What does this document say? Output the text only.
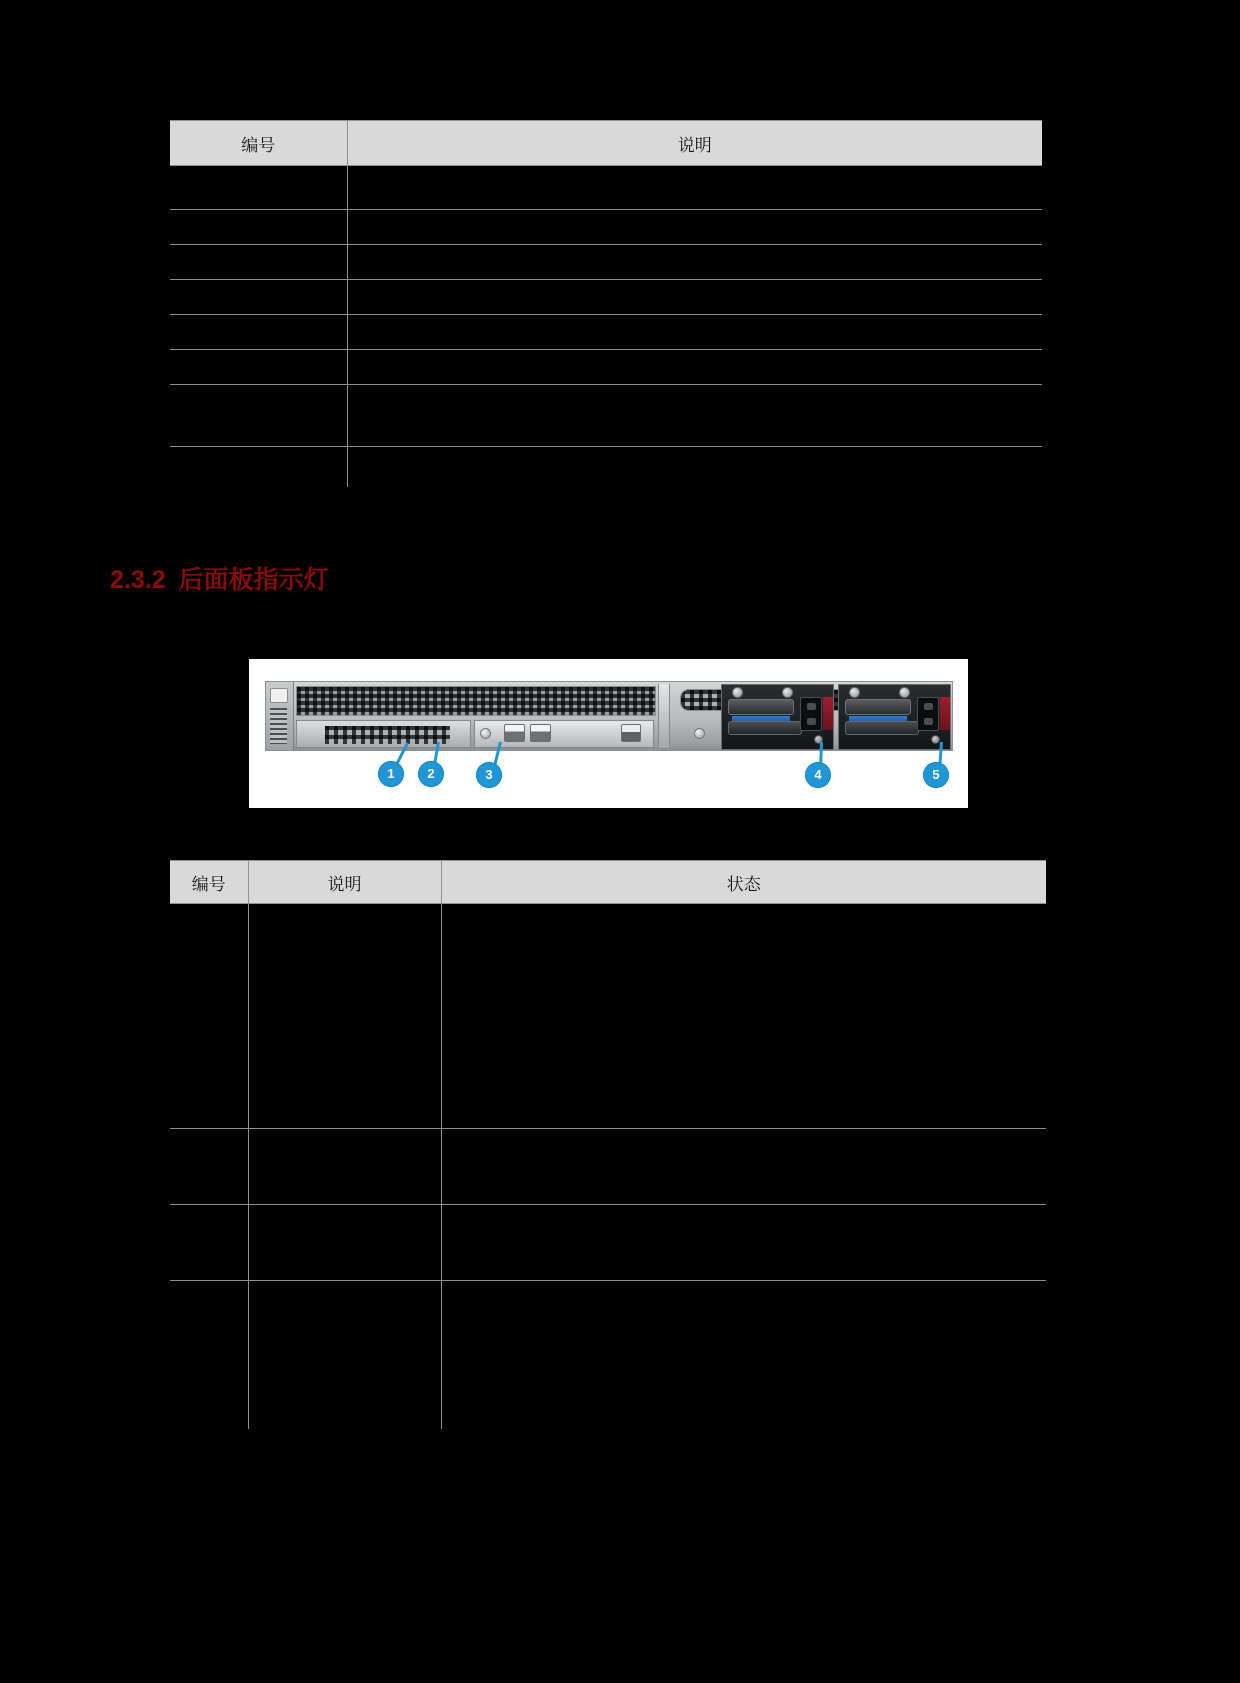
编号	说明

2.3.2 后面板指示灯
1	2	3	4	5
编号	说明	状态
